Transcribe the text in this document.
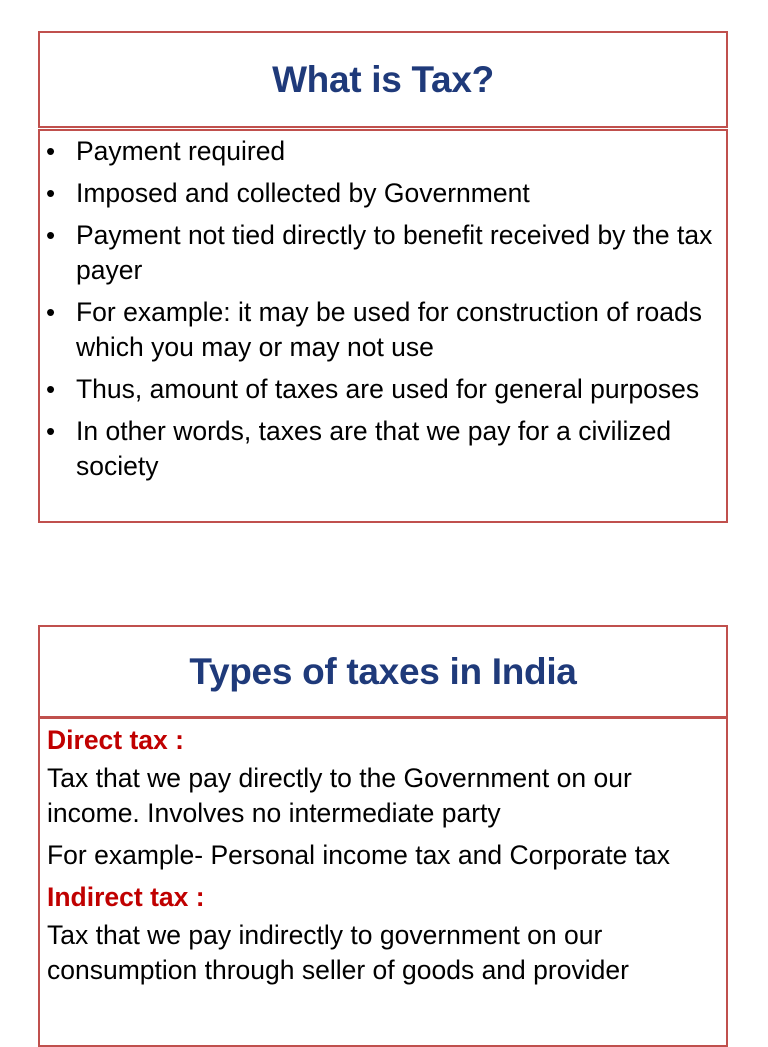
What is Tax?
• Payment required
• Imposed and collected by Government
• Payment not tied directly to benefit received by the tax payer
• For example: it may be used for construction of roads which you may or may not use
• Thus, amount of taxes are used for general purposes
• In other words, taxes are that we pay for a civilized society
Types of taxes in India

Direct tax :

Tax that we pay directly to the Government on our income. Involves no intermediate party

For example- Personal income tax and Corporate tax

Indirect tax :

Tax that we pay indirectly to government on our consumption through seller of goods and provider
